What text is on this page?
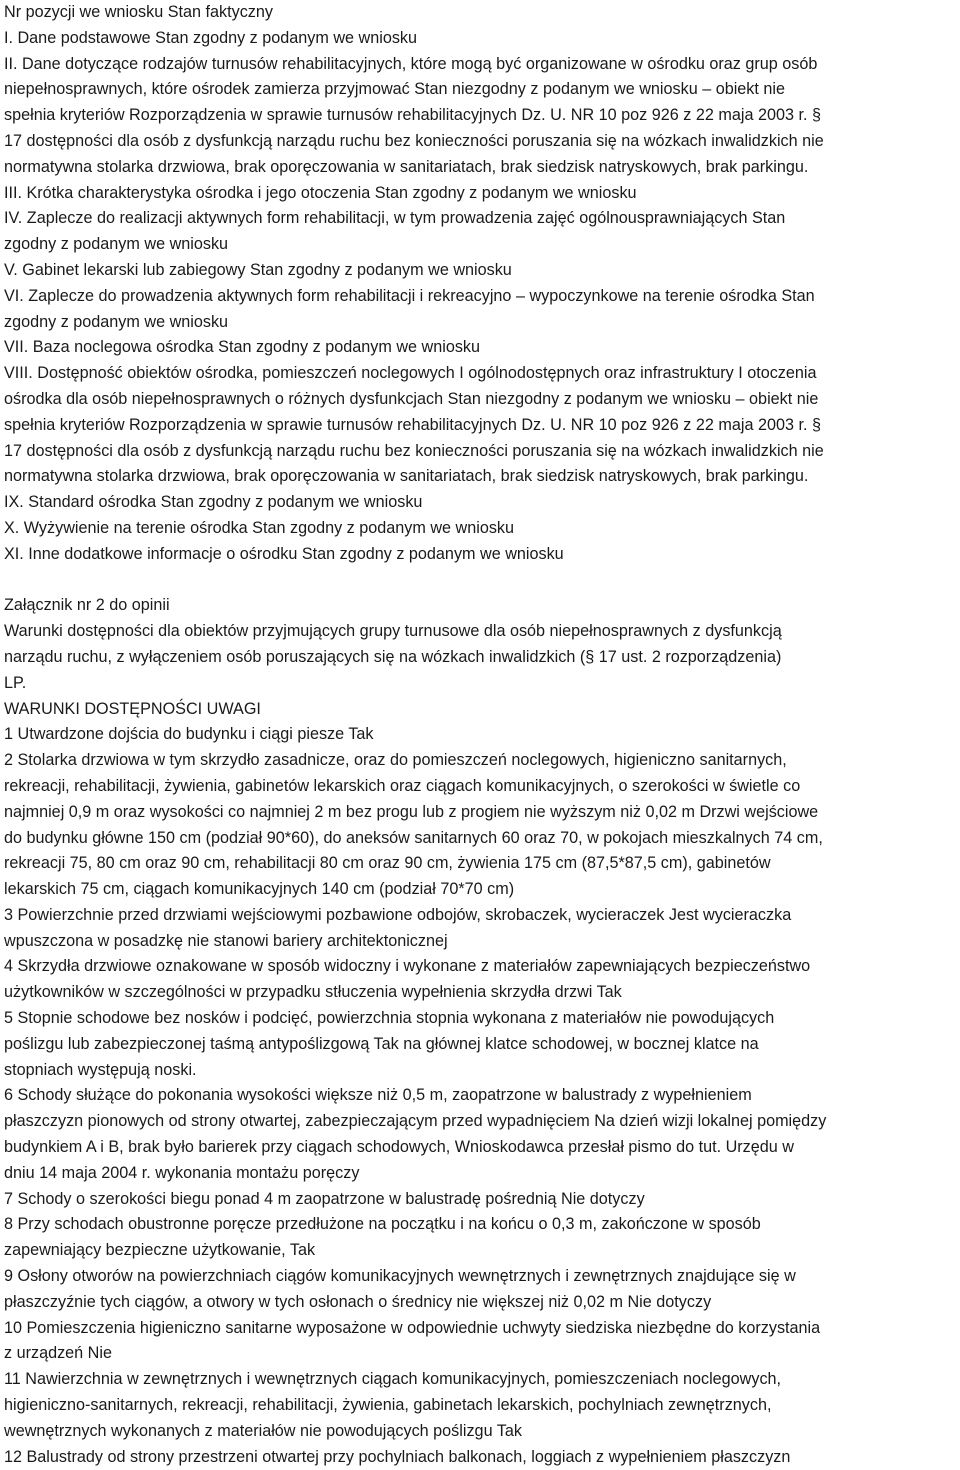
Nr pozycji we wniosku Stan faktyczny
I. Dane podstawowe Stan zgodny z podanym we wniosku
II. Dane dotyczące rodzajów turnusów rehabilitacyjnych, które mogą być organizowane w ośrodku oraz grup osób
niepełnosprawnych, które ośrodek zamierza przyjmować Stan niezgodny z podanym we wniosku – obiekt nie
spełnia kryteriów Rozporządzenia w sprawie turnusów rehabilitacyjnych Dz. U. NR 10 poz 926 z 22 maja 2003 r. §
17 dostępności dla osób z dysfunkcją narządu ruchu bez konieczności poruszania się na wózkach inwalidzkich nie
normatywna stolarka drzwiowa, brak oporęczowania w sanitariatach, brak siedzisk natryskowych, brak parkingu.
III. Krótka charakterystyka ośrodka i jego otoczenia Stan zgodny z podanym we wniosku
IV. Zaplecze do realizacji aktywnych form rehabilitacji, w tym prowadzenia zajęć ogólnousprawniających Stan
zgodny z podanym we wniosku
V. Gabinet lekarski lub zabiegowy Stan zgodny z podanym we wniosku
VI. Zaplecze do prowadzenia aktywnych form rehabilitacji i rekreacyjno – wypoczynkowe na terenie ośrodka Stan
zgodny z podanym we wniosku
VII. Baza noclegowa ośrodka Stan zgodny z podanym we wniosku
VIII. Dostępność obiektów ośrodka, pomieszczeń noclegowych I ogólnodostępnych oraz infrastruktury I otoczenia
ośrodka dla osób niepełnosprawnych o różnych dysfunkcjach Stan niezgodny z podanym we wniosku – obiekt nie
spełnia kryteriów Rozporządzenia w sprawie turnusów rehabilitacyjnych Dz. U. NR 10 poz 926 z 22 maja 2003 r. §
17 dostępności dla osób z dysfunkcją narządu ruchu bez konieczności poruszania się na wózkach inwalidzkich nie
normatywna stolarka drzwiowa, brak oporęczowania w sanitariatach, brak siedzisk natryskowych, brak parkingu.
IX. Standard ośrodka Stan zgodny z podanym we wniosku
X. Wyżywienie na terenie ośrodka Stan zgodny z podanym we wniosku
XI. Inne dodatkowe informacje o ośrodku Stan zgodny z podanym we wniosku
Załącznik nr 2 do opinii
Warunki dostępności dla obiektów przyjmujących grupy turnusowe dla osób niepełnosprawnych z dysfunkcją
narządu ruchu, z wyłączeniem osób poruszających się na wózkach inwalidzkich (§ 17 ust. 2 rozporządzenia)
LP.
WARUNKI DOSTĘPNOŚCI UWAGI
1 Utwardzone dojścia do budynku i ciągi piesze Tak
2 Stolarka drzwiowa w tym skrzydło zasadnicze, oraz do pomieszczeń noclegowych, higieniczno sanitarnych,
rekreacji, rehabilitacji, żywienia, gabinetów lekarskich oraz ciągach komunikacyjnych, o szerokości w świetle co
najmniej 0,9 m oraz wysokości co najmniej 2 m bez progu lub z progiem nie wyższym niż 0,02 m Drzwi wejściowe
do budynku główne 150 cm (podział 90*60), do aneksów sanitarnych 60 oraz 70, w pokojach mieszkalnych 74 cm,
rekreacji 75, 80 cm oraz 90 cm, rehabilitacji 80 cm oraz 90 cm, żywienia 175 cm (87,5*87,5 cm), gabinetów
lekarskich 75 cm, ciągach komunikacyjnych 140 cm (podział 70*70 cm)
3 Powierzchnie przed drzwiami wejściowymi pozbawione odbojów, skrobaczek, wycieraczek Jest wycieraczka
wpuszczona w posadzkę nie stanowi bariery architektonicznej
4 Skrzydła drzwiowe oznakowane w sposób widoczny i wykonane z materiałów zapewniających bezpieczeństwo
użytkowników w szczególności w przypadku stłuczenia wypełnienia skrzydła drzwi Tak
5 Stopnie schodowe bez nosków i podcięć, powierzchnia stopnia wykonana z materiałów nie powodujących
poślizgu lub zabezpieczonej taśmą antypoślizgową Tak na głównej klatce schodowej, w bocznej klatce na
stopniach występują noski.
6 Schody służące do pokonania wysokości większe niż 0,5 m, zaopatrzone w balustrady z wypełnieniem
płaszczyzn pionowych od strony otwartej, zabezpieczającym przed wypadnięciem Na dzień wizji lokalnej pomiędzy
budynkiem A i B, brak było barierek przy ciągach schodowych, Wnioskodawca przesłał pismo do tut. Urzędu w
dniu 14 maja 2004 r. wykonania montażu poręczy
7 Schody o szerokości biegu ponad 4 m zaopatrzone w balustradę pośrednią Nie dotyczy
8 Przy schodach obustronne poręcze przedłużone na początku i na końcu o 0,3 m, zakończone w sposób
zapewniający bezpieczne użytkowanie, Tak
9 Osłony otworów na powierzchniach ciągów komunikacyjnych wewnętrznych i zewnętrznych znajdujące się w
płaszczyźnie tych ciągów, a otwory w tych osłonach o średnicy nie większej niż 0,02 m Nie dotyczy
10 Pomieszczenia higieniczno sanitarne wyposażone w odpowiednie uchwyty siedziska niezbędne do korzystania
z urządzeń Nie
11 Nawierzchnia w zewnętrznych i wewnętrznych ciągach komunikacyjnych, pomieszczeniach noclegowych,
higieniczno-sanitarnych, rekreacji, rehabilitacji, żywienia, gabinetach lekarskich, pochylniach zewnętrznych,
wewnętrznych wykonanych z materiałów nie powodujących poślizgu Tak
12 Balustrady od strony przestrzeni otwartej przy pochylniach balkonach, loggiach z wypełnieniem płaszczyzn
